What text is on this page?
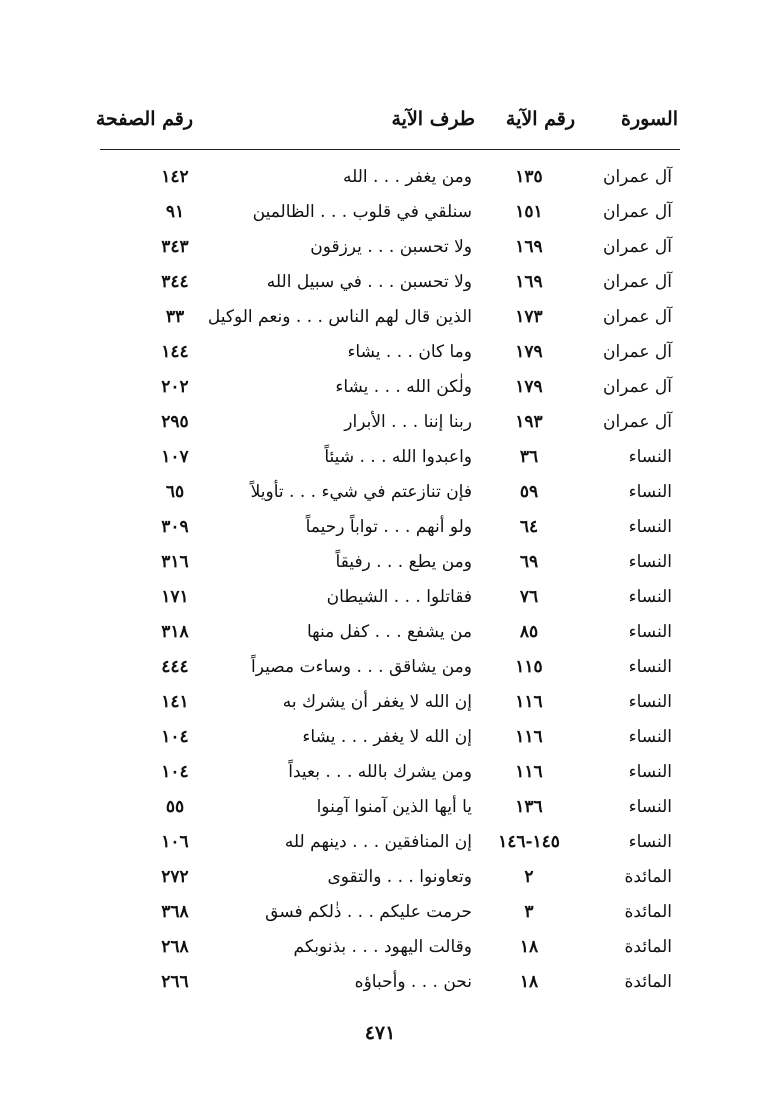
السورة
رقم الآية
طرف الآية
رقم الصفحة
آل عمران
١٣٥
ومن يغفر . . . الله
١٤٢
آل عمران
١٥١
سنلقي في قلوب . . . الظالمين
٩١
آل عمران
١٦٩
ولا تحسبن . . . يرزقون
٣٤٣
آل عمران
١٦٩
ولا تحسبن . . . في سبيل الله
٣٤٤
آل عمران
١٧٣
الذين قال لهم الناس . . . ونعم الوكيل
٣٣
آل عمران
١٧٩
وما كان . . . يشاء
١٤٤
آل عمران
١٧٩
ولٰكن الله . . . يشاء
٢٠٢
آل عمران
١٩٣
ربنا إننا . . . الأبرار
٢٩٥
النساء
٣٦
واعبدوا الله . . . شيئاً
١٠٧
النساء
٥٩
فإن تنازعتم في شيء . . . تأويلاً
٦٥
النساء
٦٤
ولو أنهم . . . تواباً رحيماً
٣٠٩
النساء
٦٩
ومن يطع . . . رفيقاً
٣١٦
النساء
٧٦
فقاتلوا . . . الشيطان
١٧١
النساء
٨٥
من يشفع . . . كفل منها
٣١٨
النساء
١١٥
ومن يشاقق . . . وساءت مصيراً
٤٤٤
النساء
١١٦
إن الله لا يغفر أن يشرك به
١٤١
النساء
١١٦
إن الله لا يغفر . . . يشاء
١٠٤
النساء
١١٦
ومن يشرك بالله . . . بعيداً
١٠٤
النساء
١٣٦
يا أيها الذين آمنوا آمِنوا
٥٥
النساء
١٤٥-١٤٦
إن المنافقين . . . دينهم لله
١٠٦
المائدة
٢
وتعاونوا . . . والتقوى
٢٧٢
المائدة
٣
حرمت عليكم . . . ذٰلكم فسق
٣٦٨
المائدة
١٨
وقالت اليهود . . . بذنوبكم
٢٦٨
المائدة
١٨
نحن . . . وأحباؤه
٢٦٦
٤٧١
